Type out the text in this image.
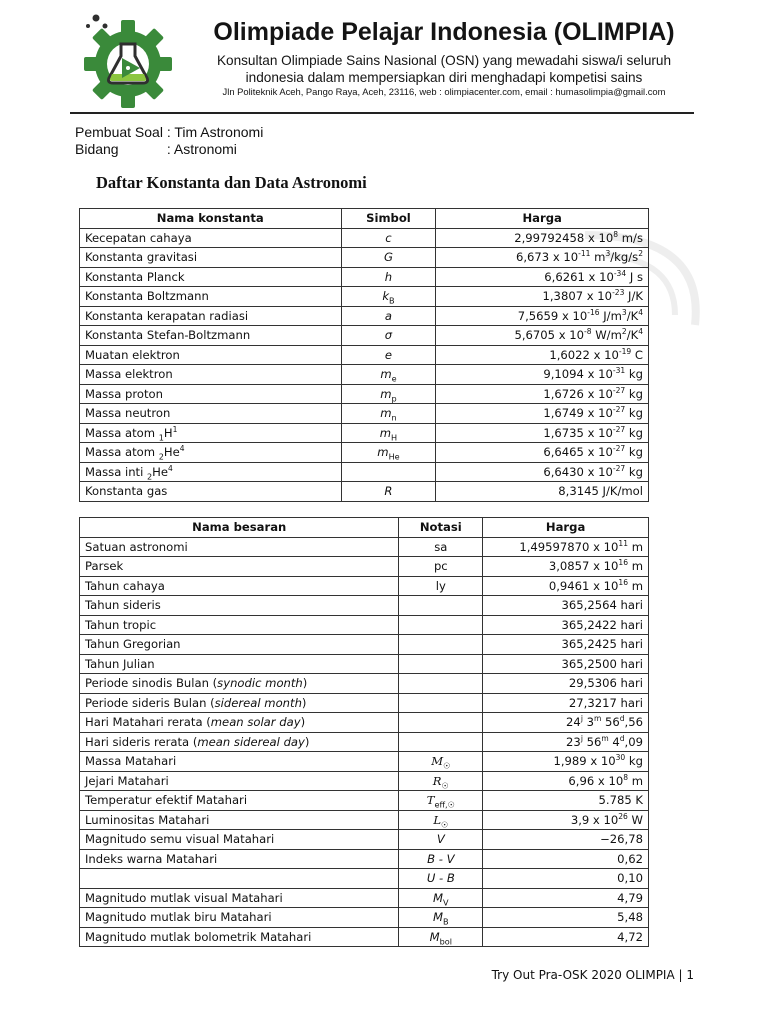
Olimpiade Pelajar Indonesia (OLIMPIA)
Konsultan Olimpiade Sains Nasional (OSN) yang mewadahi siswa/i seluruh
indonesia dalam mempersiapkan diri menghadapi kompetisi sains
Jln Politeknik Aceh, Pango Raya, Aceh, 23116, web : olimpiacenter.com, email : humasolimpia@gmail.com
Pembuat Soal : Tim Astronomi
Bidang	: Astronomi
Daftar Konstanta dan Data Astronomi
Nama konstanta	Simbol	Harga
Kecepatan cahaya	c	2,99792458 x $10^8$ m/s
Konstanta gravitasi	G	6,673 x $10^{-11}$ $m^3/kg/s^2$
Konstanta Planck	h	6,6261 x $10^{-34}$ J s
Konstanta Boltzmann	$k_B$	1,3807 x $10^{-23}$ J/K
Konstanta kerapatan radiasi	a	7,5659 x $10^{-16}$ $J/m^3/K^4$
Konstanta Stefan-Boltzmann	σ	5,6705 x $10^{-8}$ $W/m^2/K^4$
Muatan elektron	e	1,6022 x $10^{-19}$ C
Massa elektron	$m_e$	9,1094 x $10^{-31}$ kg
Massa proton	$m_p$	1,6726 x $10^{-27}$ kg
Massa neutron	$m_n$	1,6749 x $10^{-27}$ kg
Massa atom $_1H^1$	$m_H$	1,6735 x $10^{-27}$ kg
Massa atom $_2He^4$	$m_{He}$	6,6465 x $10^{-27}$ kg
Massa inti $_2He^4$		6,6430 x $10^{-27}$ kg
Konstanta gas	R	8,3145 J/K/mol
Nama besaran	Notasi	Harga
Satuan astronomi	sa	1,49597870 x $10^{11}$ m
Parsek	pc	3,0857 x $10^{16}$ m
Tahun cahaya	ly	0,9461 x $10^{16}$ m
Tahun sideris		365,2564 hari
Tahun tropic		365,2422 hari
Tahun Gregorian		365,2425 hari
Tahun Julian		365,2500 hari
Periode sinodis Bulan (synodic month)		29,5306 hari
Periode sideris Bulan (sidereal month)		27,3217 hari
Hari Matahari rerata (mean solar day)		24$^j$ 3$^m$ 56$^d$,56
Hari sideris rerata (mean sidereal day)		23$^j$ 56$^m$ 4$^d$,09
Massa Matahari	$M_☉$	1,989 x $10^{30}$ kg
Jejari Matahari	$R_☉$	6,96 x $10^8$ m
Temperatur efektif Matahari	$T_{eff,☉}$	5.785 K
Luminositas Matahari	$L_☉$	3,9 x $10^{26}$ W
Magnitudo semu visual Matahari	V	−26,78
Indeks warna Matahari	B - V	0,62
	U - B	0,10
Magnitudo mutlak visual Matahari	$M_V$	4,79
Magnitudo mutlak biru Matahari	$M_B$	5,48
Magnitudo mutlak bolometrik Matahari	$M_{bol}$	4,72
Try Out Pra-OSK 2020 OLIMPIA | 1
